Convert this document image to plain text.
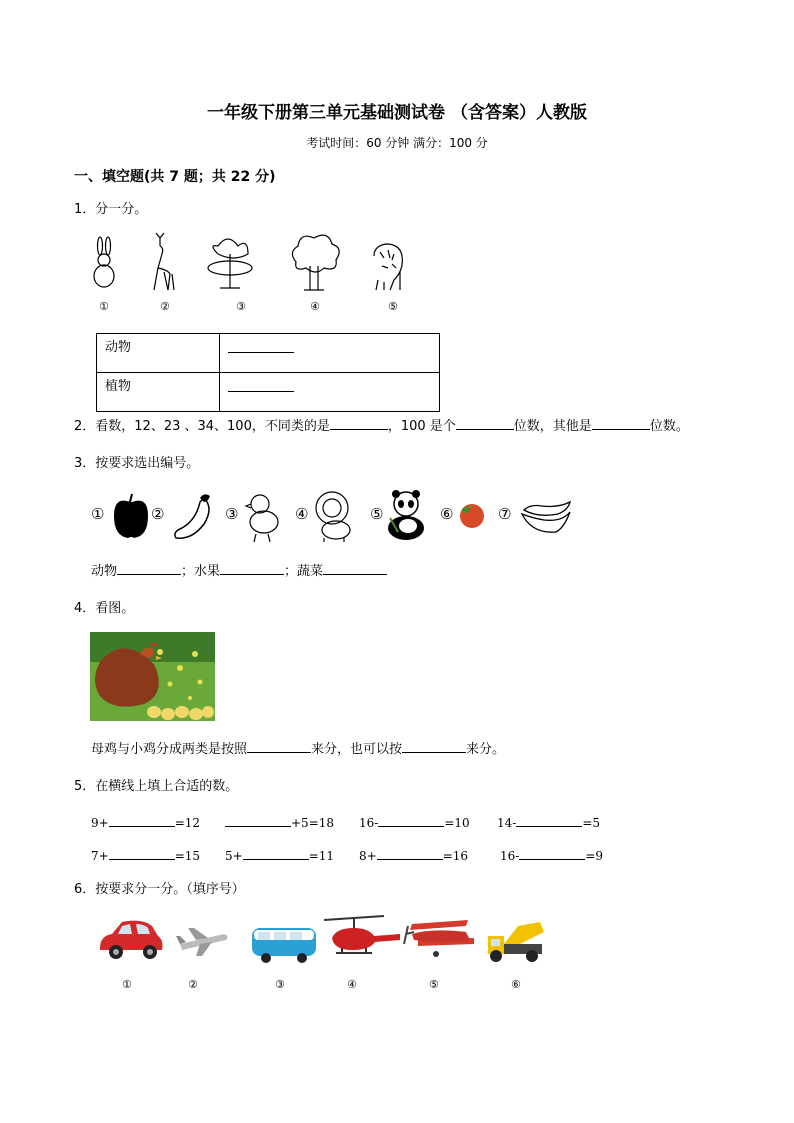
一年级下册第三单元基础测试卷 （含答案）人教版
考试时间：60 分钟 满分：100 分
一、填空题(共 7 题；共 22 分)
1．分一分。
①	②	③	④	⑤
动物	
植物	
2．看数，12、23 、34、100，不同类的是	，100 是个	位数，其他是	位数。
3．按要求选出编号。
①	②	③	④	⑤	⑥	⑦
动物	；水果	；蔬菜
4．看图。
母鸡与小鸡分成两类是按照	来分，也可以按	来分。
5．在横线上填上合适的数。
9+	=12	+5=18 16-	=10 14-	=5
7+	=15 5+	=11 8+	=16	16-	=9
6．按要求分一分。（填序号）
①	②	③	④	⑤	⑥
